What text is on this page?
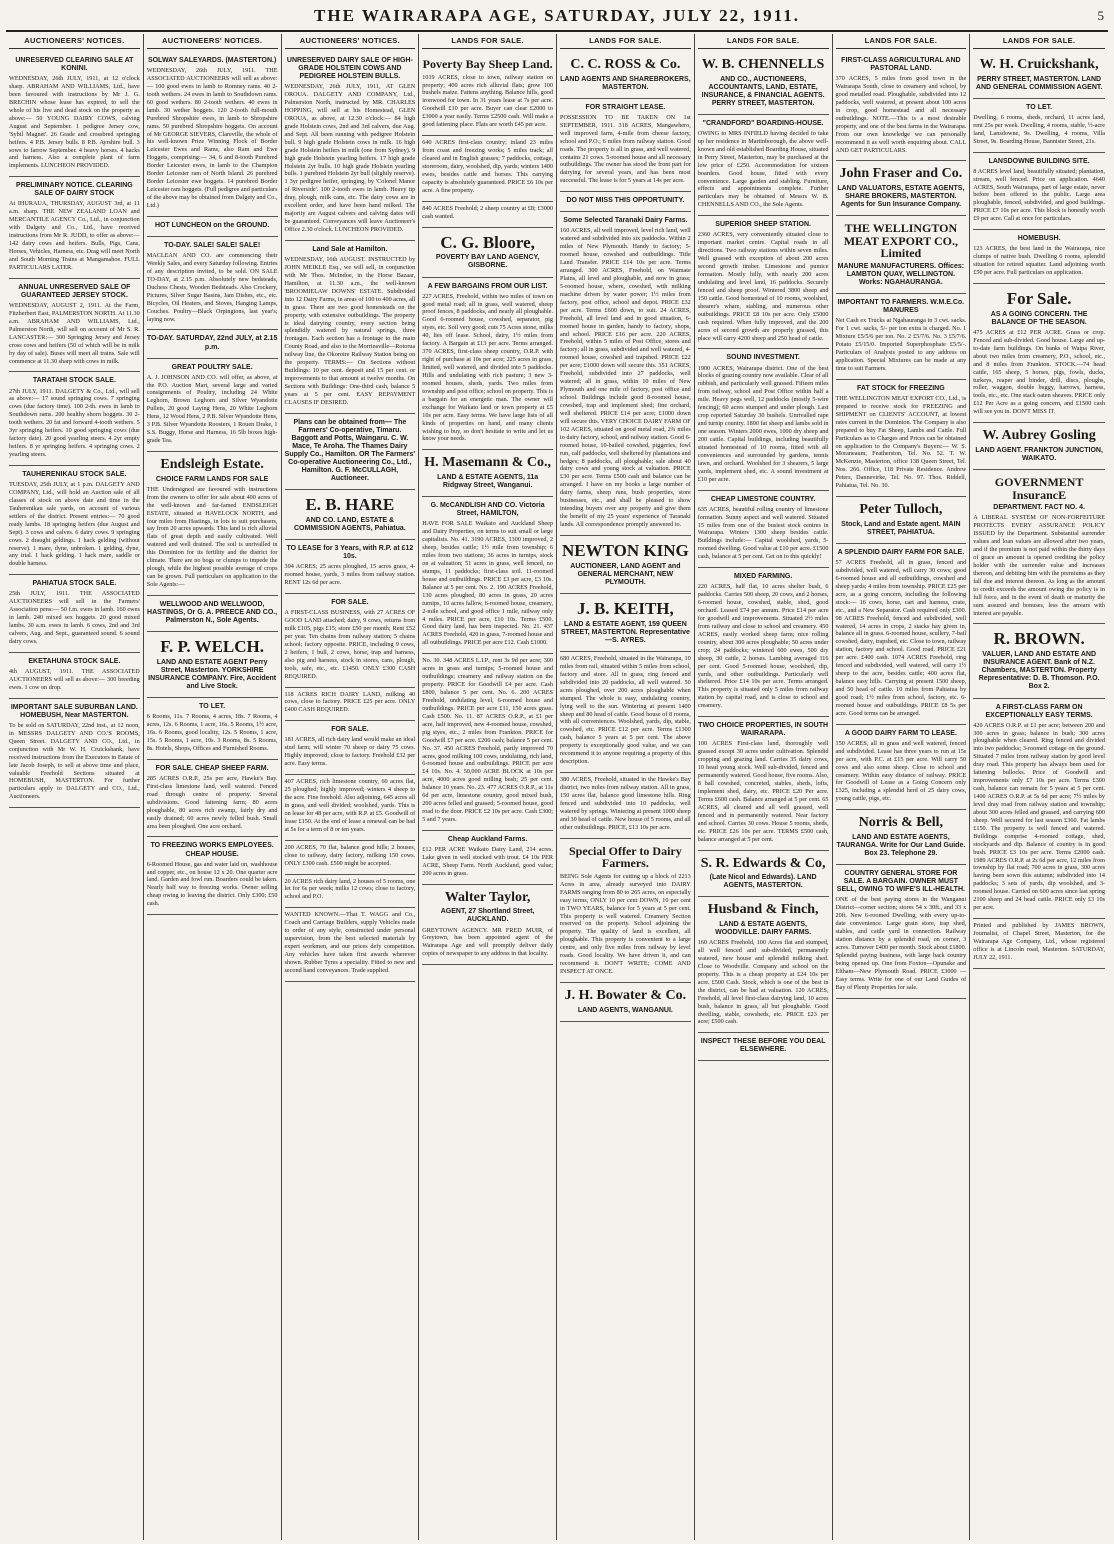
THE WAIRARAPA AGE, SATURDAY, JULY 22, 1911.	5
AUCTIONEERS' NOTICES.
UNRESERVED CLEARING SALE AT KONINI.
WEDNESDAY, 26th JULY, 1911, at 12 o'clock sharp. ABRAHAM AND WILLIAMS, Ltd., have been favoured with instructions by Mr J. G. BRECHIN whose lease has expired, to sell the whole of his live and dead stock on the property as above:— 50 YOUNG DAIRY COWS, calving August and September. 1 pedigree Jersey cow, 'Sybil Magnet'. 26 Grade and crossbred springing heifers. 4 P.B. Jersey bulls. 8 P.B. Ayrshire bull. 3 sows to farrow September. 4 heavy horses. 4 hacks and harness. Also a complete plant of farm implements. LUNCHEON PROVIDED.
PRELIMINARY NOTICE. CLEARING SALE OF DAIRY STOCK
At IHURAUA, THURSDAY, AUGUST 3rd, at 11 a.m. sharp. THE NEW ZEALAND LOAN and MERCANTILE AGENCY Co., Ltd., in conjunction with Dalgety and Co., Ltd., have received instructions from Mr R. JUDD, to offer as above:— 142 dairy cows and heifers. Bulls, Pigs, Cans, Horses, Vehicles, Harness, etc. Drag will meet North and South Morning Trains at Mangamahoe. FULL PARTICULARS LATER.
ANNUAL UNRESERVED SALE OF GUARANTEED JERSEY STOCK.
WEDNESDAY, AUGUST 2, 1911. At the Farm, Fitzherbert East, PALMERSTON NORTH. At 11.30 a.m. ABRAHAM AND WILLIAMS, Ltd., Palmerston North, will sell on account of Mr S. R. LANCASTER:— 300 Springing Jersey and Jersey cross cows and heifers (50 of which will be in milk by day of sale). Buses will meet all trains. Sale will commence at 11.30 sharp with cows in milk.
TARATAHI STOCK SALE.
27th JULY, 1911. DALGETY & Co., Ltd., will sell as above:— 17 sound springing cows. 7 springing cows (due factory time). 100 2-th. ewes in lamb to Southdown rams. 200 healthy shorn hoggets. 30 2-tooth wethers. 20 fat and forward 4-tooth wethers. 5 3yr springing heifers. 10 good springing cows (due factory date). 20 good yearling steers. 4 2yr empty heifers. 8 yr springing heifers. 4 springing cows. 2 yearling steers.
TAUHERENIKAU STOCK SALE.
TUESDAY, 25th JULY, at 1 p.m. DALGETY AND COMPANY, Ltd., will hold an Auction sale of all classes of stock on above date and time in the Tauherenikau sale yards, on account of various settlers of the district. Present entries:— 70 good ready lambs. 18 springing heifers (due August and Sept). 3 cows and calves. 6 dairy cows. 9 springing cows. 2 draught geldings. 1 hack gelding (without reserve). 1 mare, dyne, unbroken. 1 gelding, dyne, any trial. 1 hack gelding. 1 hack mare, saddle or double harness.
PAHIATUA STOCK SALE.
25th JULY, 1911. THE ASSOCIATED AUCTIONEERS will sell in the Farmers' Association pens:— 50 f.m. ewes in lamb. 160 ewes in lamb. 240 mixed sex hoggets. 20 good mixed lambs. 30 a.m. ewes in lamb. 6 cows, 2nd and 3rd calvers, Aug. and Sept., guaranteed sound. 6 sound dairy cows.
EKETAHUNA STOCK SALE.
4th AUGUST, 1911. THE ASSOCIATED AUCTIONEERS will sell as above:— 300 breeding ewes. 1 cow on drop.
IMPORTANT SALE SUBURBAN LAND. HOMEBUSH, Near MASTERTON.
To be sold on SATURDAY, 22nd inst., at 12 noon, in MESSRS DALGETY AND CO.'S ROOMS, Queen Street. DALGETY AND CO., Ltd., in conjunction with Mr W. H. Cruickshank, have received instructions from the Executors in Estate of late Jacob Joseph, to sell at above time and place, valuable Freehold Sections situated at HOMEBUSH, MASTERTON. For further particulars apply to DALGETY and CO., Ltd., Auctioneers.
AUCTIONEERS' NOTICES.
SOLWAY SALEYARDS. (MASTERTON.)
WEDNESDAY, 26th JULY, 1911. THE ASSOCIATED AUCTIONEERS will sell as above:— 100 good ewes in lamb to Romney rams. 40 2-tooth wethers. 24 ewes in lamb to Southdown rams. 60 good wethers. 80 2-tooth wethers. 40 ewes in lamb. 30 wether hoggets. 120 2-tooth full-mouth Purebred Shropshire ewes, in lamb to Shropshire rams. 50 purebred Shropshire hoggets. On account of Mr GEORGE SIEVERS, Clareville, the whole of his well-known Prize Winning Flock of Border Leicester Ewes and Rams, also Ram and Ewe Hoggets, comprising:— 34, 6 and 8-tooth Purebred Border Leicester ewes, in lamb to the Champion Border Leicester ram of North Island. 26 purebred Border Leicester ewe hoggets. 14 purebred Border Leicester ram hoggets. (Full pedigree and particulars of the above may be obtained from Dalgety and Co., Ltd.)
HOT LUNCHEON on the GROUND.
TO-DAY. SALE! SALE! SALE!
MACLEAN AND CO. are commencing their Weekly Sales, and every Saturday following. Entries of any description invited, to be sold. ON SALE TO-DAY, at 2.15 p.m. Absolutely new bedsteads, Duchess Chests, Wooden Bedsteads. Also Crockery, Pictures, Silver Sugar Basins, Jam Dishes, etc., etc. Bicycles, Oil Heaters, and Stoves, Hanging Lamps, Couches. Poultry—Black Orpingtons, last year's; laying now.
TO-DAY. SATURDAY, 22nd JULY, at 2.15 p.m.
GREAT POULTRY SALE.
A. J. JOHNSON AND CO. will offer, as above, at the P.O. Auction Mart, several large and varied consignments of Poultry, including 24 White Leghorn, Brown Leghorn and Silver Wyandotte Pullets, 20 good Laying Hens, 20 White Leghorn Hens, 12 Wood Hens, 2 P.B. Silver Wyandotte Hens, 3 P.B. Silver Wyandotte Roosters, 1 Rouen Drake, 1 S.S. Buggy, Horse and Harness, 16 5lb boxes high-grade Tea.
Endsleigh Estate.
CHOICE FARM LANDS FOR SALE
THE Undersigned are favoured with instructions from the owners to offer for sale about 400 acres of the well-known and far-famed ENDSLEIGH ESTATE, situated at HAVELOCK NORTH, and four miles from Hastings, in lots to suit purchasers, say from 20 acres upwards. This land is rich alluvial flats of great depth and easily cultivated. Well watered and well drained. The soil is unrivalled in this Dominion for its fertility and the district for climate. There are no bogs or clumps to impede the plough, while the highest possible average of crops can be grown. Full particulars on application to the Sole Agents:—
WELLWOOD AND WELLWOOD, HASTINGS, Or G. A. PREECE AND CO., Palmerston N., Sole Agents.
F. P. WELCH.
LAND AND ESTATE AGENT Perry Street, Masterton. YORKSHIRE INSURANCE COMPANY. Fire, Accident and Live Stock.
TO LET.
6 Rooms, 11s. 7 Rooms, 4 acres, 18s. 7 Rooms, 4 acres, 12s. 6 Rooms, 1 acre, 16s. 5 Rooms, 1½ acre, 16s. 6 Rooms, good locality, 12s. 5 Rooms, 1 acre, 15s. 5 Rooms, 1 acre, 10s. 3 Rooms, 8s. 5 Rooms, 8s. Hotels, Shops, Offices and Furnished Rooms.
FOR SALE. CHEAP SHEEP FARM.
285 ACRES O.R.P., 25s per acre, Hawke's Bay. First-class limestone land, well watered. Fenced road through centre of property. Several subdivisions. Good fattening farm; 80 acres ploughable, 80 acres rich swamp, fairly dry and easily drained; 60 acres newly felled bush. Small area been ploughed. One acre orchard.
TO FREEZING WORKS EMPLOYEES. CHEAP HOUSE.
6-Roomed House, gas and water laid on, washhouse and copper, etc., on house 12 x 20. One quarter acre land. Garden and fowl run. Boarders could be taken. Nearly half way to freezing works. Owner selling cheap owing to leaving the district. Only £300; £50 cash.
AUCTIONEERS' NOTICES.
UNRESERVED DAIRY SALE OF HIGH-GRADE HOLSTEIN COWS AND PEDIGREE HOLSTEIN BULLS.
WEDNESDAY, 26th JULY, 1911, AT GLEN OROUA. DALGETY AND COMPANY, Ltd., Palmerston North, instructed by MR. CHARLES HOPPING, will sell at his Homestead, GLEN OROUA, as above, at 12.30 o'clock:— 84 high grade Holstein cows, 2nd and 3rd calvers, due Aug. and Sept. All been running with pedigree Holstein bull. 9 high grade Holstein cows in milk. 16 high grade Holstein heifers in milk (one from Sydney). 9 high grade Holstein yearling heifers. 17 high grade Holstein 2yr bulls. 10 high grade Holstein yearling bulls. 1 purebred Holstein 2yr bull (slightly reserve). 1 3yr pedigree heifer, springing, by 'Colonel Manor of Riverside'. 100 2-tooth ewes in lamb. Heavy tip dray, plough, milk cans, etc. The dairy cows are in excellent order, and have been hand milked. The majority are August calvers and calving dates will be guaranteed. Conveyances will leave Auctioneer's Office 2.30 o'clock. LUNCHEON PROVIDED.
Land Sale at Hamilton.
WEDNESDAY, 16th AUGUST. INSTRUCTED by JOHN MEIKLE Esq., we will sell, in conjunction with Mr Thos. McIndoe, in the Horse Bazaar, Hamilton, at 11.30 a.m., the well-known 'BROOMIELAW DOWNS' ESTATE. Subdivided into 12 Dairy Farms, in areas of 100 to 400 acres, all in grass. There are two good homesteads on the property, with extensive outbuildings. The property is ideal dairying country, every section being splendidly watered by natural springs, three frontages. Each section has a frontage to the main County Road, and also to the Morrinsville—Rotorua railway line, the Okoroire Railway Station being on the property. TERMS:— On Sections without Buildings: 10 per cent. deposit and 15 per cent. or improvements to that amount at twelve months. On Sections with Buildings: One-third cash, balance 5 years at 5 per cent. EASY REPAYMENT CLAUSES IF DESIRED.
Plans can be obtained from— The Farmers' Co-operative, Timaru. Baggott and Potts, Waingaru. C. W. Mace, Te Aroha. The Thames Dairy Supply Co., Hamilton. OR The Farmers' Co-operative Auctioneering Co., Ltd., Hamilton. G. F. McCULLAGH, Auctioneer.
E. B. HARE
AND CO. LAND, ESTATE & COMMISSION AGENTS, Pahiatua.
TO LEASE for 3 Years, with R.P. at £12 10s.
394 ACRES; 25 acres ploughed, 15 acres grass, 4-roomed house, yards, 3 miles from railway station. RENT 12s 6d per acre.
FOR SALE.
A FIRST-CLASS BUSINESS, with 27 ACRES OF GOOD LAND attached; dairy, 9 cows, returns from milk £105, pigs £15; store £50 per month; Rent £52 per year. Ten chains from railway station; 5 chains school; factory opposite. PRICE, including 9 cows, 2 heifers, 1 bull, 2 cows, horse, trap and harness, also pig and harness, stock in stores, cans, plough, tools, safe, etc., etc. £1450. ONLY £300 CASH REQUIRED.
118 ACRES RICH DAIRY LAND, milking 40 cows, close to factory. PRICE £25 per acre. ONLY £400 CASH REQUIRED.
FOR SALE.
181 ACRES, all rich dairy land would make an ideal stud farm; will winter 70 sheep or dairy 75 cows. Highly improved; close to factory. Freehold £32 per acre. Easy terms.
407 ACRES, rich limestone country, 60 acres flat, 25 ploughed; highly improved; winters 4 sheep to the acre. Fine freehold. Also adjoining, 645 acres all in grass, and well divided; woolshed, yards. This is on lease for 48 per acre, with R.P. at £5. Goodwill of lease £150. At the end of lease a renewal can be had at 5s for a term of 8 or ten years.
200 ACRES, 70 flat, balance good hills; 2 houses, close to railway, dairy factory, milking 150 cows. ONLY £300 cash. £500 might be accepted.
20 ACRES rich dairy land, 2 houses of 5 rooms, one let for 6s per week; milks 12 cows; close to factory, school and P.O.
WANTED KNOWN.—That T. WAGG and Co., Coach and Carriage Builders, supply Vehicles made to order of any style, constructed under personal supervision, from the best selected materials by expert workmen, and our prices defy competition. Any vehicles have taken first awards wherever shown. Rubber Tyres a speciality. Fitted to new and second hand conveyances. Trade supplied.
LANDS FOR SALE.
Poverty Bay Sheep Land.
1019 ACRES, close to town, railway station on property; 400 acres rich alluvial flats; grow 100 bushels maize. Fattens anything. Balance hills, good ironwood for town. In 31 years lease at 7s per acre. Goodwill £10 per acre. Buyer can clear £2000 to £3000 a year easily. Terms £2500 cash. Will make a good fattening place. Flats are worth £45 per acre.
640 ACRES first-class country; inland 23 miles from coast and freezing works; 5 miles track; all cleared and in English grasses; 7 paddocks, cottage, storeroom, dairy, woolshed, dip, yards; winters 1400 ewes, besides cattle and horses. This carrying capacity is absolutely guaranteed. PRICE £6 10s per acre. A fine property.
840 ACRES Freehold; 2 sheep country at £8; £3000 cash wanted.
C. G. Bloore,
POVERTY BAY LAND AGENCY, GISBORNE.
A FEW BARGAINS FROM OUR LIST.
227 ACRES, Freehold, within two miles of town on good metal road; all in grass, well watered, sheep proof fences, 8 paddocks, and nearly all ploughable. Good 6-roomed house, cowshed, separator, pig styes, etc. Soil very good; cuts 75 Acres stone, milks 40, lies off lease. School, dairy, 1½ miles from factory. A Bargain at £13 per acre. Terms arranged. 370 ACRES, first-class sheep country, O.R.P. with right of purchase at 10s per acre; 225 acres in grass, limited, well watered, and divided into 5 paddocks. Hills and undulating with rich pasture; 3 new 3-roomed houses, sheds, yards. Two miles from township and post office; school on property. This is a bargain for an energetic man. The owner will exchange for Waikato land or town property at £5 10s per acre. Easy terms. We have large lists of all kinds of properties on hand, and many clients wishing to buy, so don't hesitate to write and let us know your needs.
H. Masemann & Co.,
LAND & ESTATE AGENTS, 11a Ridgway Street, Wanganui.
G. McCANDLISH AND CO. Victoria Street, HAMILTON,
HAVE FOR SALE Waikato and Auckland Sheep and Dairy Properties, on terms to suit small or large capitalists. No. 41. 3190 ACRES, 1300 improved, 2 sheep, besides cattle; 1½ mile from township; 6 miles from two stations; 36 acres in turnips, stock on at valuation; 51 acres in grass, well fenced, no stumps, 11 paddocks; first-class soil. 11-roomed house and outbuildings. PRICE £3 per acre, £3 10s. Balance at 5 per cent. No. 2. 190 ACRES Freehold, 130 acres ploughed, 80 acres in grass, 20 acres turnips, 10 acres fallow, 6-roomed house, creamery, 2-mile school, and good office 1 mile, railway only 4 miles. PRICE per acre, £10 10s. Terms £500. Good dairy land, has been inspected. No. 21. 437 ACRES Freehold, 420 in grass, 7-roomed house and all outbuildings. PRICE per acre £12. Cash £1000.
No. 30. 348 ACRES L.I.P., rent 3s 9d per acre; 300 acres in grass and turnips; 5-roomed house and outbuildings; creamery and railway station on the property. PRICE for Goodwill £4 per acre. Cash £800, balance 5 per cent. No. 6. 200 ACRES Freehold, undulating level, 6-roomed house and outbuildings. PRICE per acre £11, 150 acres grass. Cash £500. No. 11. 87 ACRES O.R.P., at £1 per acre, half improved, new 4-roomed house, cowshed, pig styes, etc., 2 miles from Frankton. PRICE for Goodwill £7 per acre. £200 cash; balance 5 per cent. No. 37. 450 ACRES Freehold, partly improved 70 acres, good milking 100 cows, undulating, rich land, 6-roomed house and outbuildings. PRICE per acre £4 10s. No. 4. 50,000 ACRE BLOCK at 10s per acre, 4000 acres good milling bush; 25 per cent. balance 10 years. No. 23. 477 ACRES O.R.P., at 11s 6d per acre, limestone country, good mixed bush, 200 acres felled and grassed; 5-roomed house, good road to the door. PRICE £2 10s per acre. Cash £300; 5 and 7 years.
Cheap Auckland Farms.
£12 PER ACRE Waikato Dairy Land, 214 acres. Lake given in well stocked with trout. £4 10s PER ACRE, Sheep Farm. North Auckland, good value; 200 acres in grass.
Walter Taylor,
AGENT, 27 Shortland Street, AUCKLAND.
GREYTOWN AGENCY. MR FRED MUIR, of Greytown, has been appointed agent of the Wairarapa Age and will promptly deliver daily copies of newspaper to any address in that locality.
LANDS FOR SALE.
C. C. ROSS & Co.
LAND AGENTS AND SHAREBROKERS, MASTERTON.
FOR STRAIGHT LEASE.
POSSESSION TO BE TAKEN ON 1st SEPTEMBER, 1911. 318 ACRES, Mangawhero, well improved farm, 4-mile from cheese factory, school and P.O.; 6 miles from railway station. Good roads. The property is all in grass, and well watered, contains 21 cows. 5-roomed house and all necessary outbuildings. The owner has stood the front part for dairying for several years, and has been most successful. The lease is for 5 years at 14s per acre.
DO NOT MISS THIS OPPORTUNITY.
Some Selected Taranaki Dairy Farms.
160 ACRES, all well improved, level rich land, well watered and subdivided into six paddocks. Within 2 miles of New Plymouth. Handy to factory; 5-roomed house, cowshed and outbuildings. Title Land Transfer. PRICE £14 10s per acre. Terms arranged. 300 ACRES, Freehold, on Waimate Plains, all level and ploughable, and now in grass; 5-roomed house, where, cowshed, with milking machine driven by water power; 1½ miles from factory, post office, school and depot. PRICE £32 per acre. Terms £600 down, to suit. 24 ACRES, Freehold, all level land and in good situation, 6-roomed house in garden, handy to factory, shops, and school. PRICE £16 per acre. 220 ACRES, Freehold, within 5 miles of Post Office, stores and factory; all in grass, subdivided and well watered, 4-roomed house, cowshed and trapshed. PRICE £22 per acre; £1000 down will secure this. 351 ACRES, Freehold, subdivided into 27 paddocks, well watered; all in grass, within 10 miles of New Plymouth and one mile of factory, post office and school. Buildings include good 8-roomed house, cowshed, trap and implement shed; fine orchard, well sheltered. PRICE £14 per acre; £1000 down will secure this. VERY CHOICE DAIRY FARM OF 102 ACRES, situated on good metal road, 2¾ miles to dairy factory, school, and railway station. Good 6-roomed house, 10-bailed cowshed, piggeries, fowl run, calf paddocks, well sheltered by plantations and hedges; 8 paddocks, all ploughable; sale about 40 dairy cows and young stock at valuation. PRICE £30 per acre. Terms £500 cash and balance can be arranged. I have on my books a large number of dairy farms, sheep runs, bush properties, store businesses, etc., and shall be pleased to show intending buyers over any property and give them the benefit of my 25 years' experience of Taranaki lands. All correspondence promptly answered to.
NEWTON KING
AUCTIONEER, LAND AGENT and GENERAL MERCHANT, NEW PLYMOUTH.
J. B. KEITH,
LAND & ESTATE AGENT, 159 QUEEN STREET, MASTERTON. Representative—S. AYRES.
680 ACRES, Freehold, situated in the Wairarapa, 10 miles from rail, situated within 5 miles from school, factory and store. All in grass, ring fenced and subdivided into 20 paddocks, all well watered. 50 acres ploughed, over 200 acres ploughable when stumped. The whole is easy, undulating country, lying well to the sun. Wintering at present 1400 sheep and 80 head of cattle. Good house of 8 rooms, with all conveniences. Woolshed, yards, dip, stable, cowshed, etc. PRICE £12 per acre. Terms £1300 cash, balance 5 years at 5 per cent. The above property is exceptionally good value, and we can recommend it to anyone requiring a property of this description.
380 ACRES, Freehold, situated in the Hawke's Bay district, two miles from railway station. All in grass, 150 acres flat, balance good limestone hills. Ring fenced and subdivided into 10 paddocks, well watered by springs. Wintering at present 1000 sheep and 30 head of cattle. New house of 5 rooms, and all other outbuildings. PRICE, £13 10s per acre.
Special Offer to Dairy Farmers.
BEING Sole Agents for cutting up a block of 2213 Acres in area, already surveyed into DAIRY FARMS ranging from 80 to 265 acres, on especially easy terms, ONLY 10 per cent DOWN, 10 per cent in TWO YEARS, balance for 5 years at 5 per cent. This property is well watered. Creamery Section reserved on the property. School adjoining the property. The quality of land is excellent, all ploughable. This property is convenient to a large centre, and only five miles from railway by level roads. Good locality. We have driven it, and can recommend it. DON'T WRITE; COME AND INSPECT AT ONCE.
J. H. Bowater & Co.
LAND AGENTS, WANGANUI.
LANDS FOR SALE.
W. B. CHENNELLS
AND CO., AUCTIONEERS, ACCOUNTANTS, LAND, ESTATE, INSURANCE, & FINANCIAL AGENTS. PERRY STREET, MASTERTON.
"CRANDFORD" BOARDING-HOUSE.
OWING to MRS INFIELD having decided to take up her residence in Martinborough, the above well-known and old established Boarding House, situated in Perry Street, Masterton, may be purchased at the low price of £250. Accommodation for sixteen boarders. Good house, fitted with every convenience. Large garden and stabling. Furniture, effects and appointments complete. Further particulars may be obtained of Messrs W. B. CHENNELLS AND CO., the Sole Agents.
SUPERIOR SHEEP STATION.
2360 ACRES, very conveniently situated close to important market centre. Capital roads in all directions. Two railway stations within seven miles. Well grassed with exception of about 200 acres second growth timber. Limestone and pumice formation. Mostly hilly, with nearly 200 acres undulating and level land, 16 paddocks. Securely fenced and sheep proof. Wintered 3800 sheep and 150 cattle. Good homestead of 10 rooms, woolshed, shearer's whare, stabling, and numerous other outbuildings. PRICE £8 10s per acre. Only £5000 cash required. When fully improved, and the 200 acres of second growth are properly grassed, this place will carry 4200 sheep and 250 head of cattle.
SOUND INVESTMENT.
1900 ACRES, Wairarapa district. One of the best blocks of grazing country now available. Clear of all rubbish, and particularly well grassed. Fifteen miles from railway, school and Post Office within half a mile. Heavy pegs well, 12 paddocks (mostly 5-wire fencing); 60 acres stumped and under plough. Last crop reported Saturday 30 bushels. Unrivalled rape and turnip country. 1800 fat sheep and lambs sold in one season. Winters 2000 ewes, 1000 dry sheep and 200 cattle. Capital buildings, including beautifully situated homestead of 10 rooms, fitted with all conveniences and surrounded by gardens, tennis lawn, and orchard. Woolshed for 3 shearers, 5 large yards, implement shed, etc. A sound investment at £10 per acre.
CHEAP LIMESTONE COUNTRY.
635 ACRES, beautiful rolling country of limestone formation. Sunny aspect and well watered. Situated 15 miles from one of the busiest stock centres in Wairarapa. Winters 1300 sheep besides cattle. Buildings include:— Capital woolshed, yards, 5-roomed dwelling. Good value at £10 per acre. £1500 cash, balance at 5 per cent. Get on to this quickly!
MIXED FARMING.
220 ACRES, half flat, 10 acres shelter bush, 6 paddocks. Carries 500 sheep, 20 cows, and 2 horses, 6-roomed house, cowshed, stable, shed, good orchard. Leased £74 per annum. Price £14 per acre for goodwill and improvements. Situated 2½ miles from railway and close to school and creamery. 450 ACRES, easily worked sheep farm; nice rolling country, about 300 acres ploughable; 50 acres under crop; 24 paddocks; wintered 600 ewes, 500 dry sheep, 30 cattle, 2 horses. Lambing averaged 116 per cent. Good 5-roomed house, woolshed, dip, yards, and other outbuildings. Particularly well sheltered. Price £14 10s per acre. Terms arranged. This property is situated only 5 miles from railway station by capital road, and is close to school and creamery.
TWO CHOICE PROPERTIES, IN SOUTH WAIRARAPA.
100 ACRES First-class land, thoroughly well grassed except 30 acres under cultivation. Splendid cropping and grazing land. Carries 35 dairy cows, 10 head young stock. Well sub-divided, fenced and permanently watered. Good house, five rooms. Also, 8 ball cowshed, concreted, stables, sheds, lofts, implement shed, dairy, etc. PRICE £20 Per acre. Terms £600 cash. Balance arranged at 5 per cent. 65 ACRES, all cleared and all well grassed, well fenced and in permanently watered. Near factory and school. Carries 30 cows. House 5 rooms, sheds, etc. PRICE £26 10s per acre. TERMS £500 cash, balance arranged at 5 per cent.
S. R. Edwards & Co,
(Late Nicol and Edwards). LAND AGENTS, MASTERTON.
Husband & Finch,
LAND & ESTATE AGENTS, WOODVILLE. DAIRY FARMS.
160 ACRES Freehold, 100 Acres flat and stumped, all well fenced and sub-divided, permanently watered, new house and splendid milking shed. Close to Woodville. Company and school on the property. This is a cheap property at £24 10s per acre. £500 Cash. Stock, which is one of the best in the district, can be had at valuation. 120 ACRES, Freehold, all level first-class dairying land, 10 acres bush, balance in grass, all but ploughable. Good dwelling, stable, cowsheds, etc. PRICE £23 per acre; £500 cash.
INSPECT THESE BEFORE YOU DEAL ELSEWHERE.
LANDS FOR SALE.
FIRST-CLASS AGRICULTURAL AND PASTORAL LAND.
370 ACRES, 5 miles from good town in the Wairarapa South, close to creamery and school, by good metalled road. Ploughable, subdivided into 12 paddocks, well watered, at present about 100 acres in crop, good homestead and all necessary outbuildings. NOTE.—This is a most desirable property, and one of the best farms in the Wairarapa. From our own knowledge we can personally recommend it as well worth enquiring about. CALL AND GET PARTICULARS.
John Fraser and Co.
LAND VALUATORS, ESTATE AGENTS, SHARE BROKERS, MASTERTON. Agents for Sun Insurance Company.
THE WELLINGTON MEAT EXPORT CO., Limited
MANURE MANUFACTURERS. Offices: LAMBTON QUAY, WELLINGTON. Works: NGAHAURANGA.
IMPORTANT TO FARMERS. W.M.E.Co. MANURES
Net Cash ex Trucks at Ngahauranga in 3 cwt. sacks. For 1 cwt. sacks, 5/- per ton extra is charged. No. 1 Mixture £5/5/6 per ton. No. 2 £5/7/6. No. 3 £5/7/6. Potato £5/15/0. Imported Superphosphate £5/5/-. Particulars of Analysis posted to any address on application. Special Mixtures can be made at any time to suit Farmers.
FAT STOCK for FREEZING
THE WELLINGTON MEAT EXPORT CO., Ltd., is prepared to receive stock for FREEZING and SHIPMENT on CLIENTS' ACCOUNT, at lowest rates current in the Dominion. The Company is also prepared to buy Fat Sheep, Lambs and Cattle. Full Particulars as to Charges and Prices can be obtained on application to the Company's Buyers:— W. S. Moraneaum, Featherston, Tel. No. 52. T. W. McKenzie, Masterton, office 138 Queen Street, Tel. Nos. 266. Office, 118 Private Residence. Andrew Peters, Dannevirke, Tel. No. 97. Thos. Riddell, Pahiatua, Tel. No. 30.
Peter Tulloch,
Stock, Land and Estate agent. MAIN STREET, PAHIATUA.
A SPLENDID DAIRY FARM FOR SALE.
57 ACRES Freehold, all in grass, fenced and subdivided, well watered, will carry 30 cows; good 6-roomed house and all outbuildings, cowshed and sheep yards; 4 miles from township. PRICE £25 per acre, as a going concern, including the following stock:— 16 cows, horse, cart and harness, crate, etc., and a New Separator. Cash required only £300. 98 ACRES Freehold, fenced and subdivided, well watered, 14 acres in crops, 2 stacks hay given in, balance all in grass. 6-roomed house, scullery, 7-bail cowshed, dairy, trapshed, etc. Close to town, railway station, factory and school. Good road. PRICE £21 per acre. £400 cash. 1074 ACRES Freehold, ring fenced and subdivided, well watered, will carry 1½ sheep to the acre, besides cattle; 400 acres flat, balance easy hills. Carrying at present 1500 sheep, and 50 head of cattle. 10 miles from Pahiatua by good road; 1½ miles from school, factory, etc. 6-roomed house and outbuildings. PRICE £8 5s per acre. Good terms can be arranged.
A GOOD DAIRY FARM TO LEASE.
150 ACRES, all in grass and well watered, fenced and subdivided. Lease has three years to run at 15s per acre, with P.C. at £15 per acre. Will carry 50 cows and also some sheep. Close to school and creamery. Within easy distance of railway. PRICE for Goodwill of Lease as a Going Concern only £325, including a splendid herd of 25 dairy cows, young cattle, pigs, etc.
Norris & Bell,
LAND AND ESTATE AGENTS, TAURANGA. Write for Our Land Guide. Box 23. Telephone 29.
COUNTRY GENERAL STORE FOR SALE. A BARGAIN. OWNER MUST SELL, OWING TO WIFE'S ILL-HEALTH.
ONE of the best paying stores in the Wanganui District—corner section; stores 54 x 30ft., and 33 x 20ft. New 6-roomed Dwelling, with every up-to-date convenience. Large grain store, trap shed, stables, and cattle yard in connection. Railway station distance by a splendid road, on corner, 3 acres. Turnover £400 per month. Stock about £1800. Splendid paying business, with large back country being opened up. One from Foxton—Opunake and Eltham—New Plymouth Road. PRICE £3000 — Easy terms. Write for one of our Land Guides of Bay of Plenty Properties for sale.
LANDS FOR SALE.
W. H. Cruickshank,
PERRY STREET, MASTERTON. LAND AND GENERAL COMMISSION AGENT.
TO LET.
Dwelling, 6 rooms, sheds, orchard, 11 acres land, rent 25s per week. Dwelling, 4 rooms, stable, ½-acre land, Lansdowne, 9s. Dwelling, 4 rooms, Villa Street, 9s. Boarding House, Bannister Street, 21s.
LANSDOWNE BUILDING SITE.
8 ACRES level land, beautifully situated; plantation, stream, well fenced. Price on application. 4640 ACRES, South Wairarapa, part of large estate, never before been offered to the public. Large area ploughable, fenced, subdivided, and good buildings. PRICE £7 10s per acre. This block is honestly worth £9 per acre. Call at once for particulars.
HOMEBUSH.
123 ACRES, the best land in the Wairarapa, nice clumps of native bush. Dwelling 6 rooms, splendid situation for retired squatter. Land adjoining worth £50 per acre. Full particulars on application.
For Sale.
AS A GOING CONCERN. THE BALANCE OF THE SEASON.
475 ACRES at £12 PER ACRE. Grass or crop. Fenced and sub-divided. Good house. Large and up-to-date farm buildings. On banks of Waipa River, about two miles from creamery, P.O., school, etc., and 8 miles from Frankton. STOCK.—74 head cattle, 165 sheep, 5 horses, pigs, fowls, ducks, turkeys, reaper and binder, drill, discs, ploughs, roller, waggon, double buggy, harrows, harness, tools, etc., etc. One stack oaten sheaves. PRICE only £12 Per Acre as a going concern, and £1500 cash will see you in. DON'T MISS IT.
W. Aubrey Gosling
LAND AGENT. FRANKTON JUNCTION, WAIKATO.
GOVERNMENT InsurancE
DEPARTMENT. FACT NO. 4.
A LIBERAL SYSTEM OF NON-FORFEITURE PROTECTS EVERY ASSURANCE POLICY ISSUED by the Department. Substantial surrender values and loan values are allowed after two years, and if the premium is not paid within the thirty days of grace an amount is opened crediting the policy holder with the surrender value and increases thereon, and debiting him with the premiums as they fall due and interest thereon. As long as the amount to credit exceeds the amount owing the policy is in full force, and in the event of death or maturity the sum assured and bonuses, less the arrears with interest are payable.
R. BROWN.
VALUER, LAND AND ESTATE AND INSURANCE AGENT. Bank of N.Z. Chambers, MASTERTON. Property Representative: D. B. Thomson. P.O. Box 2.
A FIRST-CLASS FARM ON EXCEPTIONALLY EASY TERMS.
420 ACRES O.R.P. at £1 per acre; between 200 and 300 acres in grass; balance in bush; 300 acres ploughable when cleared. Ring fenced and divided into two paddocks; 3-roomed cottage on the ground. Situated 7 miles from railway station by good level dray road. This property has always been used for fattening bullocks. Price of Goodwill and improvements only £7 10s per acre. Terms £300 cash, balance can remain for 5 years at 5 per cent. 1400 ACRES O.R.P. at 5s 6d per acre; 7½ miles by level dray road from railway station and township; about 300 acres felled and grassed, and carrying 600 sheep. Well secured for last season £360. Fat lambs £150. The property is well fenced and watered. Buildings comprise 4-roomed cottage, shed, stockyards and dip. Balance of country is in good bush. PRICE £3 10s per acre. Terms £2000 cash. 1989 ACRES O.R.P. at 2s 6d per acre, 12 miles from township by flat road; 700 acres in grass, 300 acres having been sown this autumn; subdivided into 14 paddocks; 3 sets of yards, dip woolshed, and 3-roomed house. Carried on 600 acres since last spring 2100 sheep and 24 head cattle. PRICE only £3 10s per acre.
Printed and published by JAMES BROWN, Journalist, of Chapel Street, Masterton, for the Wairarapa Age Company, Ltd., whose registered office is at Lincoln road, Masterton. SATURDAY, JULY 22, 1911.
